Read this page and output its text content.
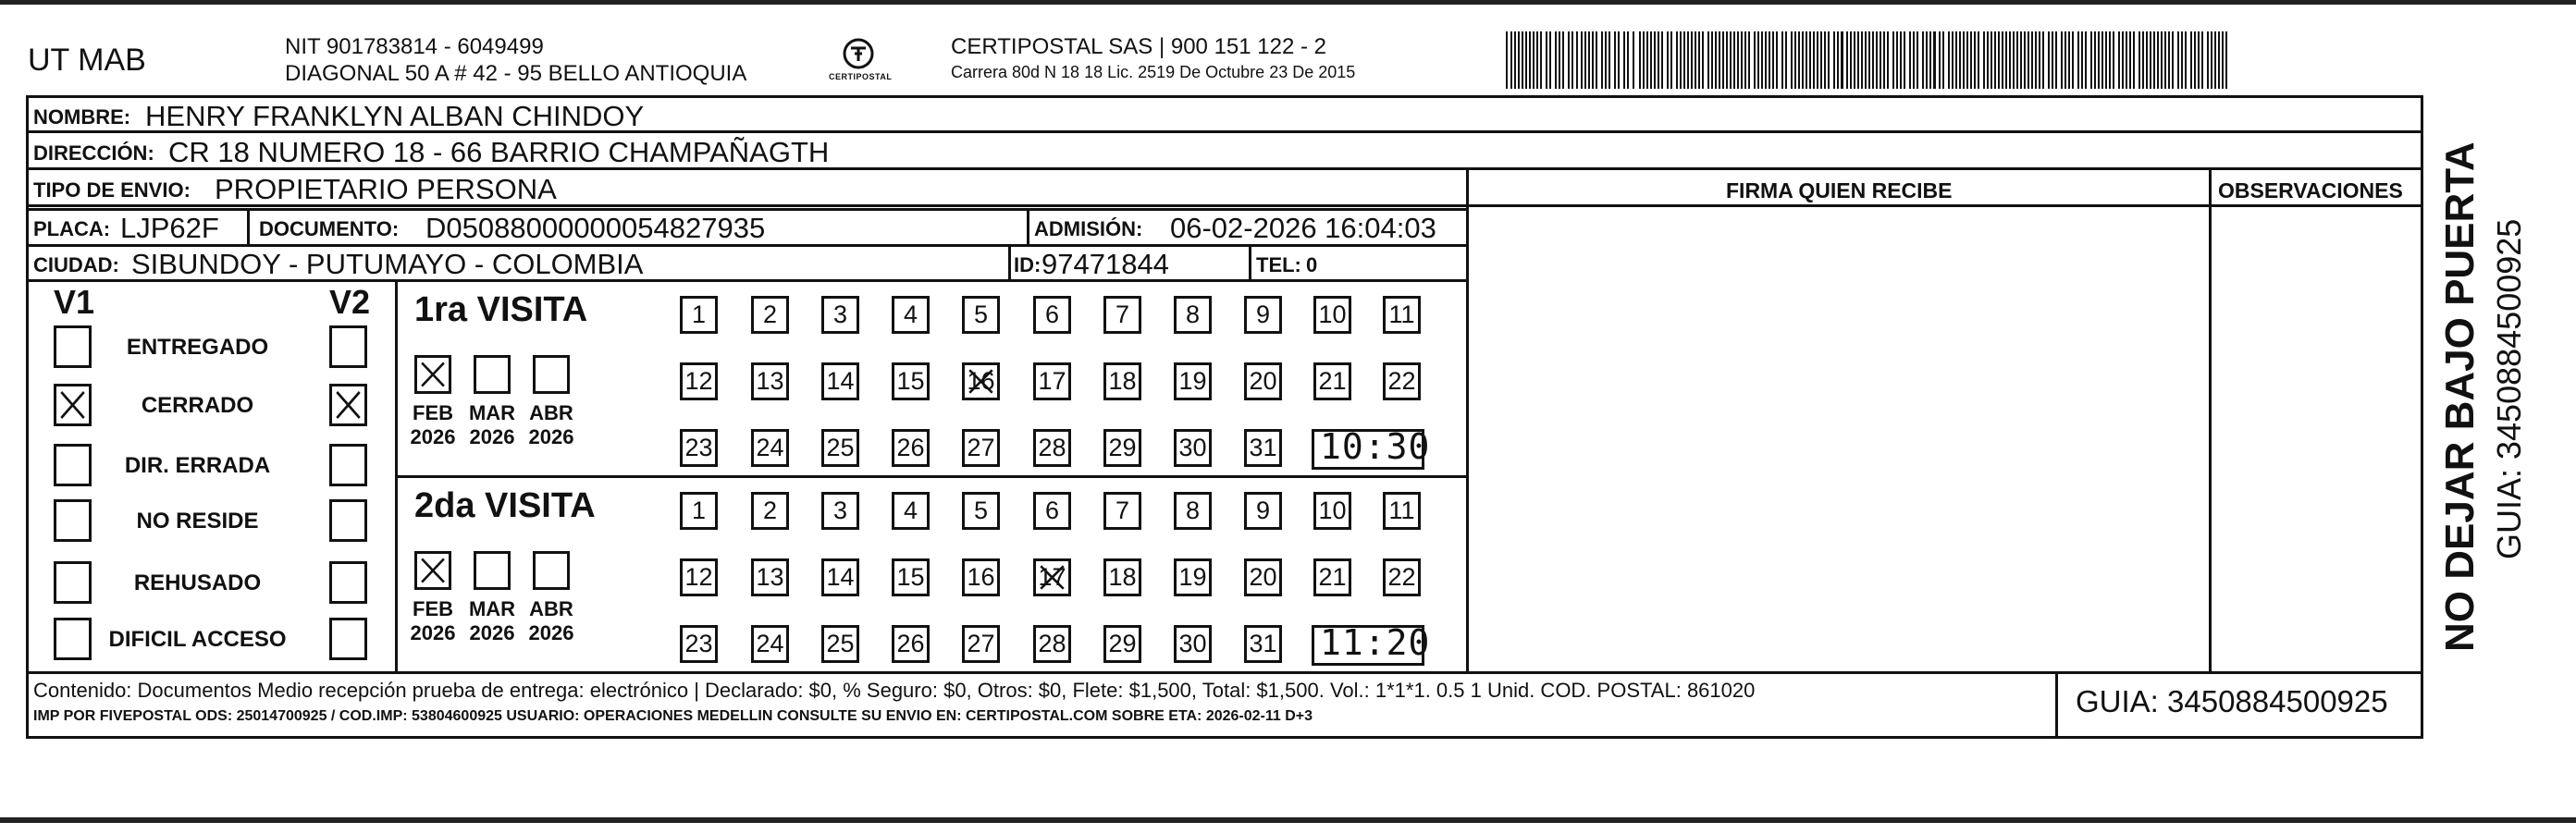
UT MAB	NIT 901783814 - 6049499
DIAGONAL 50 A # 42 - 95 BELLO ANTIOQUIA	CERTIPOSTAL
CERTIPOSTAL SAS | 900 151 122 - 2
Carrera 80d N 18 18 Lic. 2519 De Octubre 23 De 2015
NOMBRE: HENRY FRANKLYN ALBAN CHINDOY
DIRECCIÓN: CR 18 NUMERO 18 - 66 BARRIO CHAMPAÑAGTH
TIPO DE ENVIO: PROPIETARIO PERSONA	FIRMA QUIEN RECIBE	OBSERVACIONES
PLACA: LJP62F DOCUMENTO: D05088000000054827935	ADMISIÓN: 06-02-2026 16:04:03
CIUDAD: SIBUNDOY - PUTUMAYO - COLOMBIA	ID: 97471844	TEL: 0
V1	V2
ENTREGADO
CERRADO
DIR. ERRADA
NO RESIDE
REHUSADO
DIFICIL ACCESO
1ra VISITA
FEB
2026
MAR
2026
ABR
2026
1	2	3	4	5	6	7	8	9	10 11
12 13 14 15 16 17 18 19 20 21 22
23 24 25 26 27 28 29 30 31 10:30
2da VISITA
FEB
2026
MAR
2026
ABR
2026
1	2	3	4	5	6	7	8	9	10 11
12 13 14 15 16 17 18 19 20 21 22
23 24 25 26 27 28 29 30 31 11:20
Contenido: Documentos Medio recepción prueba de entrega: electrónico | Declarado: $0, % Seguro: $0, Otros: $0, Flete: $1,500, Total: $1,500. Vol.: 1*1*1. 0.5 1 Unid. COD. POSTAL: 861020
IMP POR FIVEPOSTAL ODS: 25014700925 / COD.IMP: 53804600925 USUARIO: OPERACIONES MEDELLIN CONSULTE SU ENVIO EN: CERTIPOSTAL.COM SOBRE ETA: 2026-02-11 D+3	GUIA: 3450884500925
NO DEJAR BAJO PUERTA GUIA: 3450884500925
